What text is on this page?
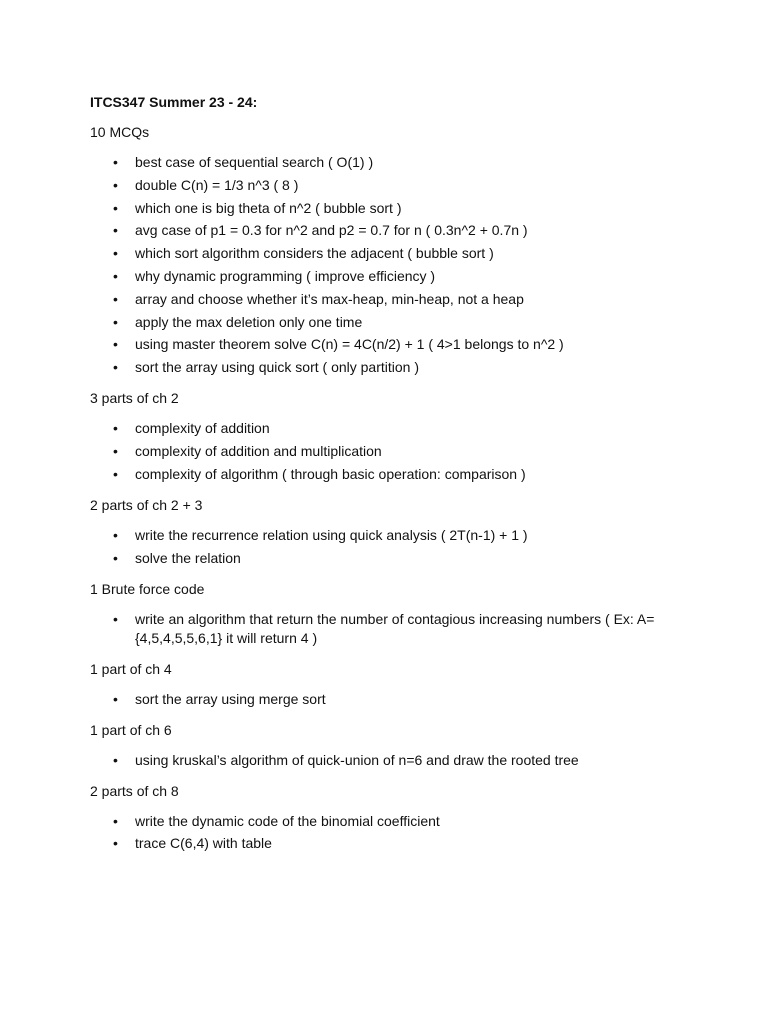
ITCS347 Summer 23 - 24:
10 MCQs
• best case of sequential search ( O(1) )
• double C(n) = 1/3 n^3 ( 8 )
• which one is big theta of n^2 ( bubble sort )
• avg case of p1 = 0.3 for n^2 and p2 = 0.7 for n ( 0.3n^2 + 0.7n )
• which sort algorithm considers the adjacent ( bubble sort )
• why dynamic programming ( improve efficiency )
• array and choose whether it’s max-heap, min-heap, not a heap
• apply the max deletion only one time
• using master theorem solve C(n) = 4C(n/2) + 1 ( 4>1 belongs to n^2 )
• sort the array using quick sort ( only partition )
3 parts of ch 2
• complexity of addition
• complexity of addition and multiplication
• complexity of algorithm ( through basic operation: comparison )
2 parts of ch 2 + 3
• write the recurrence relation using quick analysis ( 2T(n-1) + 1 )
• solve the relation
1 Brute force code
• write an algorithm that return the number of contagious increasing numbers ( Ex: A={4,5,4,5,5,6,1} it will return 4 )
1 part of ch 4
• sort the array using merge sort
1 part of ch 6
• using kruskal’s algorithm of quick-union of n=6 and draw the rooted tree
2 parts of ch 8
• write the dynamic code of the binomial coefficient
• trace C(6,4) with table
